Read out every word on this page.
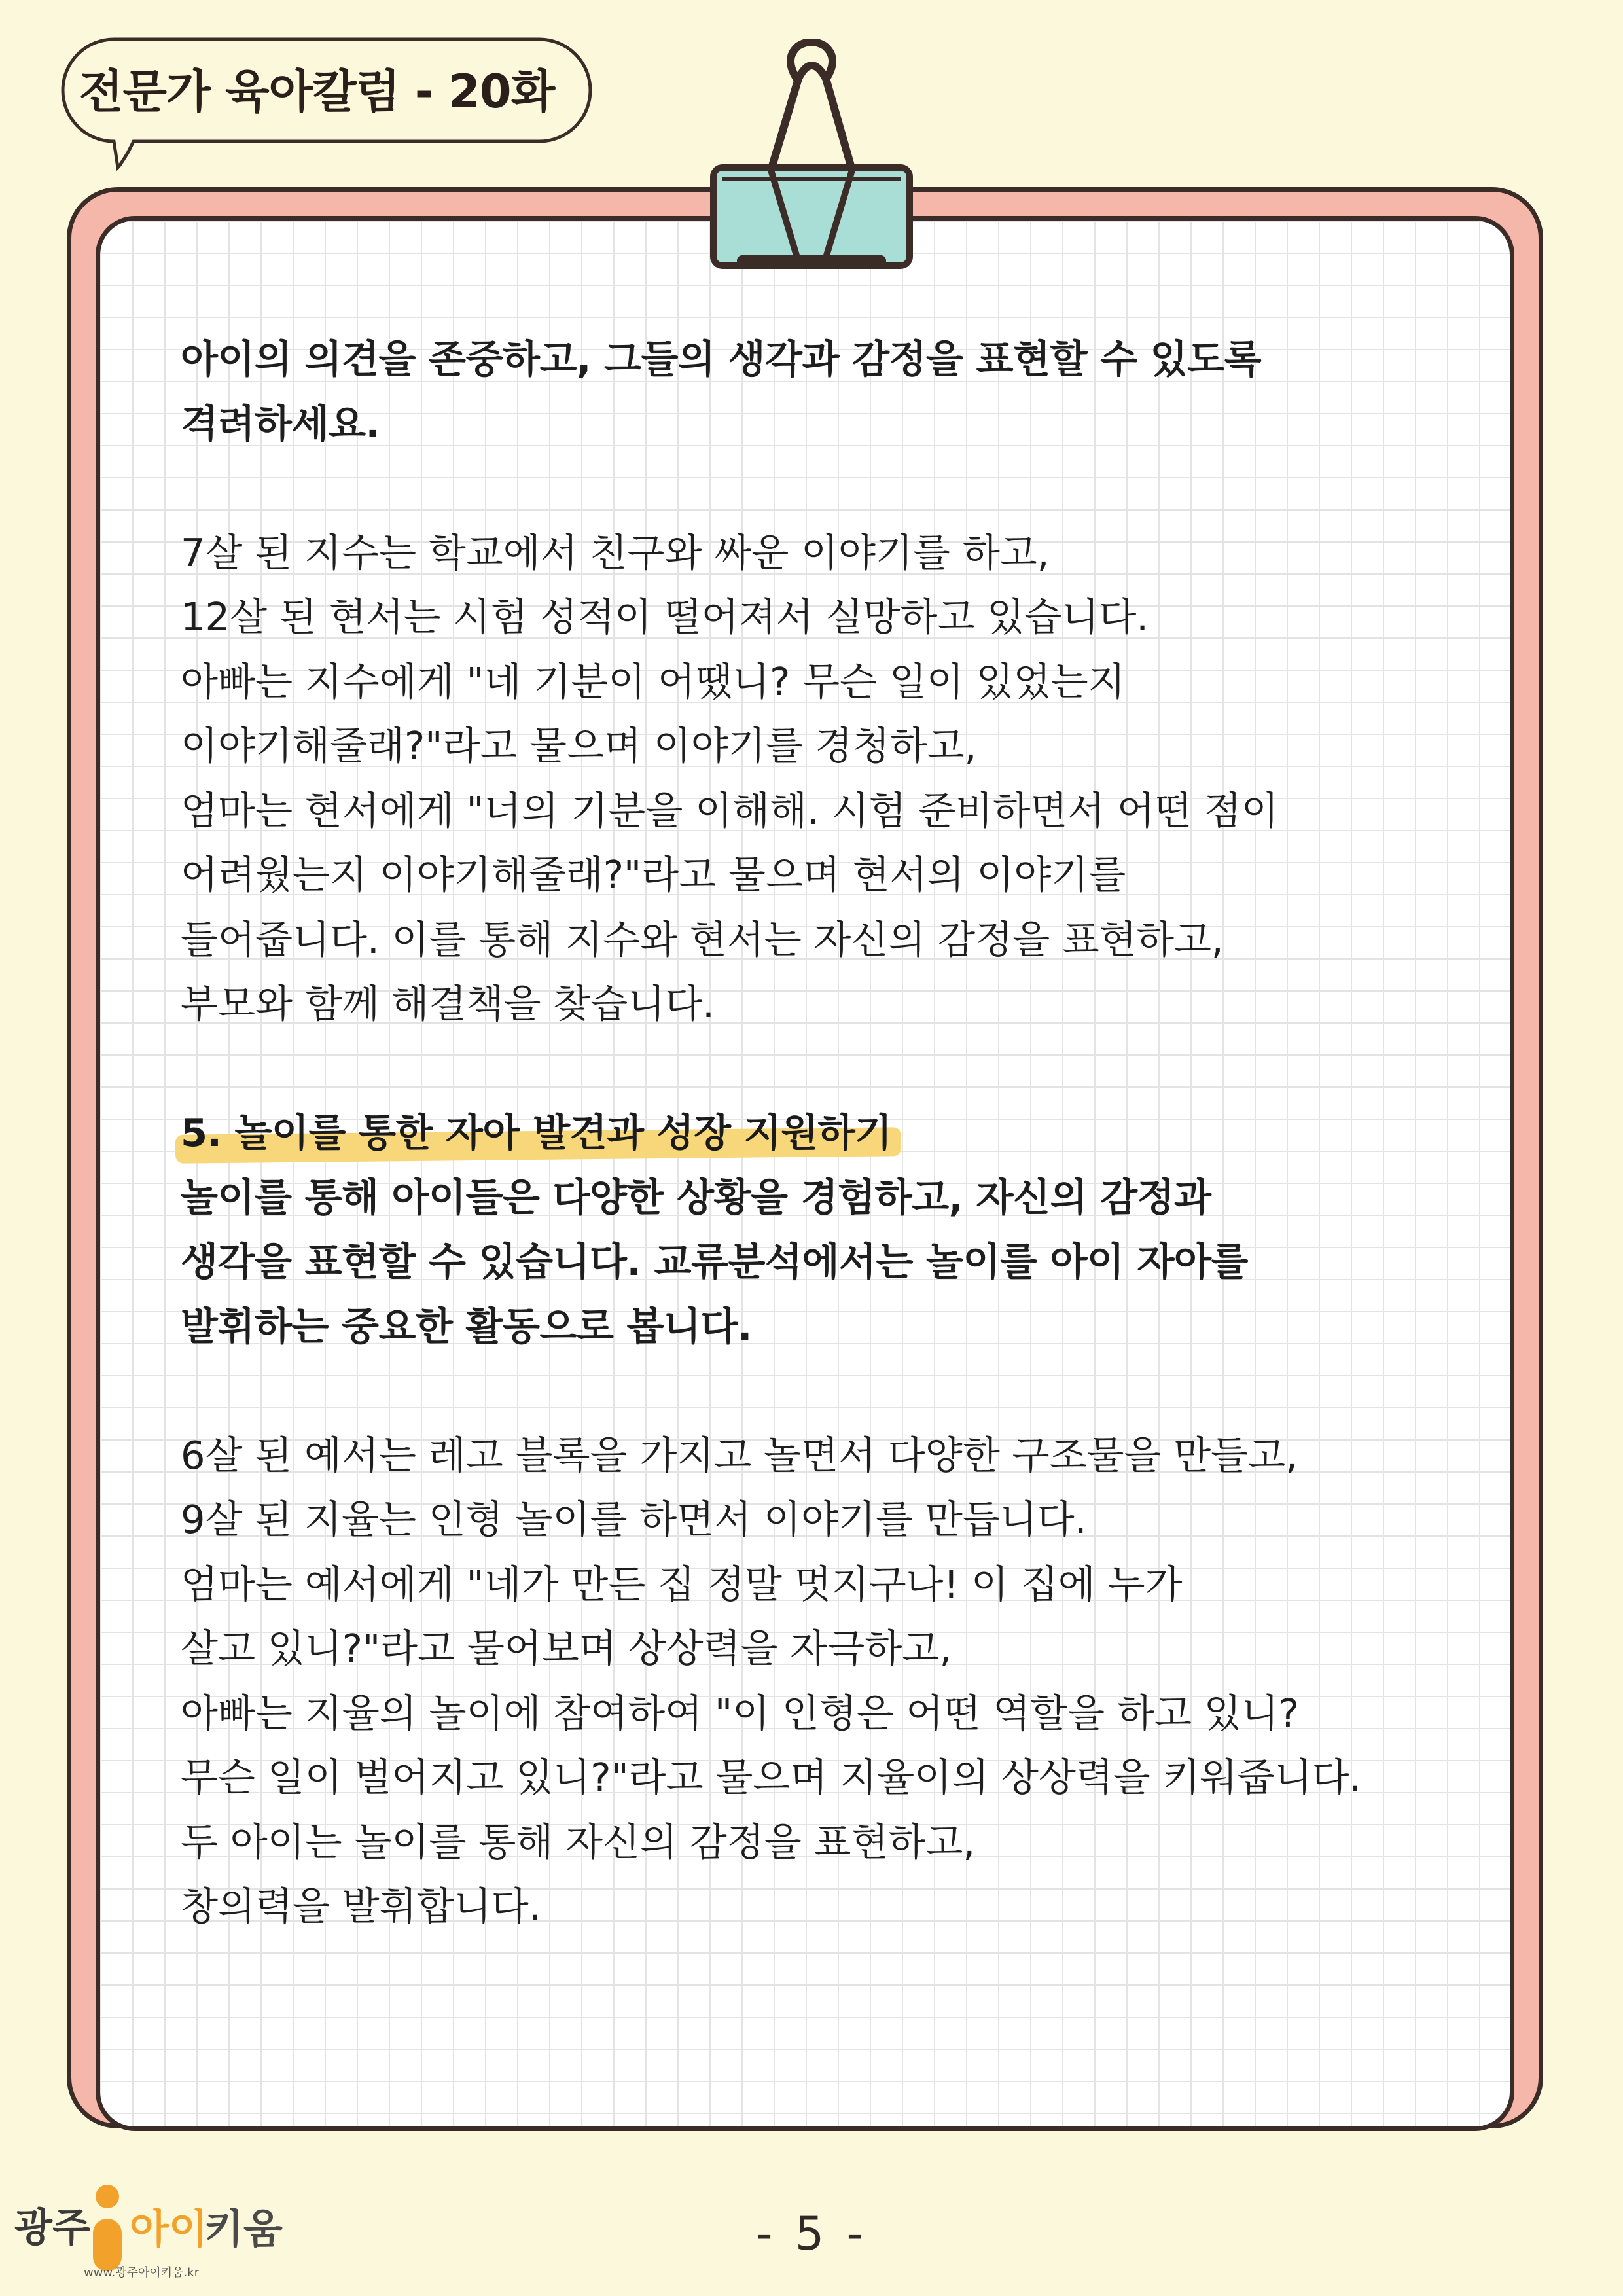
전문가 육아칼럼 - 20화
아이의 의견을 존중하고, 그들의 생각과 감정을 표현할 수 있도록
격려하세요.
7살 된 지수는 학교에서 친구와 싸운 이야기를 하고,
12살 된 현서는 시험 성적이 떨어져서 실망하고 있습니다.
아빠는 지수에게 "네 기분이 어땠니? 무슨 일이 있었는지
이야기해줄래?"라고 물으며 이야기를 경청하고,
엄마는 현서에게 "너의 기분을 이해해. 시험 준비하면서 어떤 점이
어려웠는지 이야기해줄래?"라고 물으며 현서의 이야기를
들어줍니다. 이를 통해 지수와 현서는 자신의 감정을 표현하고,
부모와 함께 해결책을 찾습니다.
5. 놀이를 통한 자아 발견과 성장 지원하기
놀이를 통해 아이들은 다양한 상황을 경험하고, 자신의 감정과
생각을 표현할 수 있습니다. 교류분석에서는 놀이를 아이 자아를
발휘하는 중요한 활동으로 봅니다.
6살 된 예서는 레고 블록을 가지고 놀면서 다양한 구조물을 만들고,
9살 된 지율는 인형 놀이를 하면서 이야기를 만듭니다.
엄마는 예서에게 "네가 만든 집 정말 멋지구나! 이 집에 누가
살고 있니?"라고 물어보며 상상력을 자극하고,
아빠는 지율의 놀이에 참여하여 "이 인형은 어떤 역할을 하고 있니?
무슨 일이 벌어지고 있니?"라고 물으며 지율이의 상상력을 키워줍니다.
두 아이는 놀이를 통해 자신의 감정을 표현하고,
창의력을 발휘합니다.
광주 아이
키움
www.광주아이키움.kr
- 5 -
